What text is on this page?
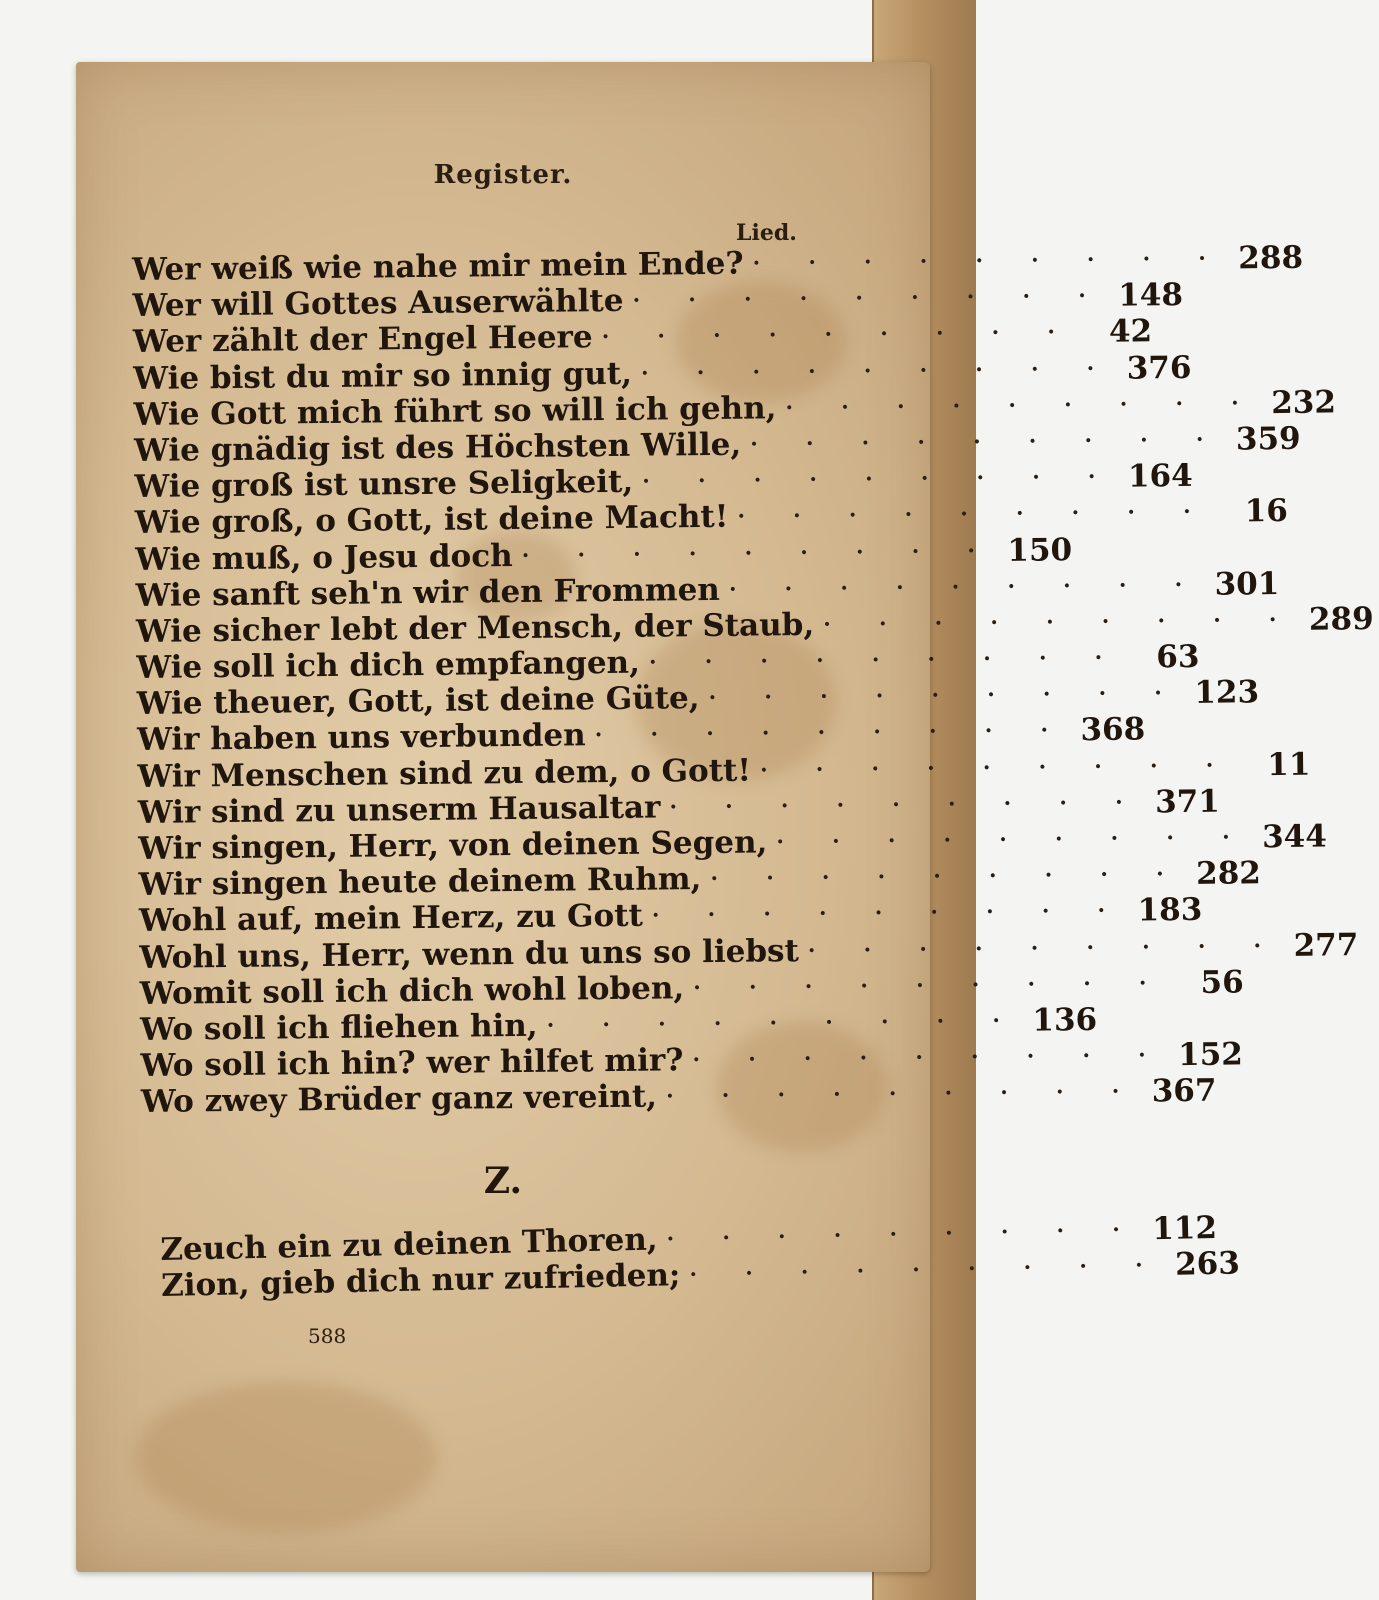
Register.
Lied.
Wer weiß wie nahe mir mein Ende? · · · · · · · · · 288
Wer will Gottes Auserwählte · · · · · · · · · 148
Wer zählt der Engel Heere · · · · · · · · ·	42
Wie bist du mir so innig gut, · · · · · · · · · 376
Wie Gott mich führt so will ich gehn, · · · · · · · · · 232
Wie gnädig ist des Höchsten Wille, · · · · · · · · · 359
Wie groß ist unsre Seligkeit, · · · · · · · · · 164
Wie groß, o Gott, ist deine Macht! · · · · · · · · ·	16
Wie muß, o Jesu doch · · · · · · · · · 150
Wie sanft seh'n wir den Frommen · · · · · · · · · 301
Wie sicher lebt der Mensch, der Staub, · · · · · · · · · 289
Wie soll ich dich empfangen, · · · · · · · · ·	63
Wie theuer, Gott, ist deine Güte, · · · · · · · · · 123
Wir haben uns verbunden · · · · · · · · · 368
Wir Menschen sind zu dem, o Gott! · · · · · · · · ·	11
Wir sind zu unserm Hausaltar · · · · · · · · · 371
Wir singen, Herr, von deinen Segen, · · · · · · · · · 344
Wir singen heute deinem Ruhm, · · · · · · · · · 282
Wohl auf, mein Herz, zu Gott · · · · · · · · · 183
Wohl uns, Herr, wenn du uns so liebst · · · · · · · · · 277
Womit soll ich dich wohl loben, · · · · · · · · ·	56
Wo soll ich fliehen hin, · · · · · · · · · 136
Wo soll ich hin? wer hilfet mir? · · · · · · · · · 152
Wo zwey Brüder ganz vereint, · · · · · · · · · 367
Z.
Zeuch ein zu deinen Thoren, · · · · · · · · · 112
Zion, gieb dich nur zufrieden; · · · · · · · · · 263
588
